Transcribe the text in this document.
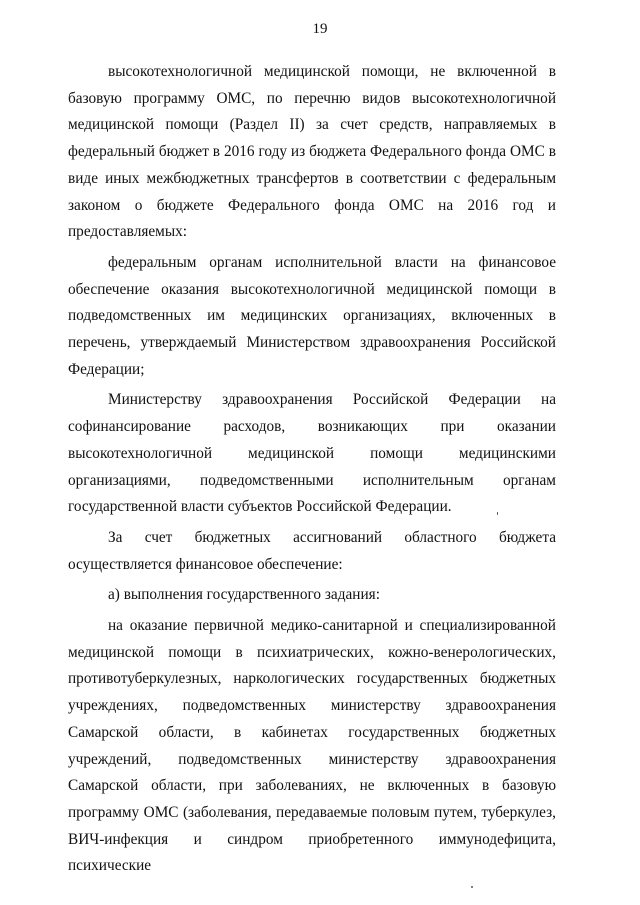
19

высокотехнологичной медицинской помощи, не включенной в базовую программу ОМС, по перечню видов высокотехнологичной медицинской помощи (Раздел II) за счет средств, направляемых в федеральный бюджет в 2016 году из бюджета Федерального фонда ОМС в виде иных межбюджетных трансфертов в соответствии с федеральным законом о бюджете Федерального фонда ОМС на 2016 год и предоставляемых:

федеральным органам исполнительной власти на финансовое обеспечение оказания высокотехнологичной медицинской помощи в подведомственных им медицинских организациях, включенных в перечень, утверждаемый Министерством здравоохранения Российской Федерации;

Министерству здравоохранения Российской Федерации на софинансирование расходов, возникающих при оказании высокотехнологичной медицинской помощи медицинскими организациями, подведомственными исполнительным органам государственной власти субъектов Российской Федерации.

За счет бюджетных ассигнований областного бюджета осуществляется финансовое обеспечение:

а) выполнения государственного задания:

на оказание первичной медико-санитарной и специализированной медицинской помощи в психиатрических, кожно-венерологических, противотуберкулезных, наркологических государственных бюджетных учреждениях, подведомственных министерству здравоохранения Самарской области, в кабинетах государственных бюджетных учреждений, подведомственных министерству здравоохранения Самарской области, при заболеваниях, не включенных в базовую программу ОМС (заболевания, передаваемые половым путем, туберкулез, ВИЧ-инфекция и синдром приобретенного иммунодефицита, психические
